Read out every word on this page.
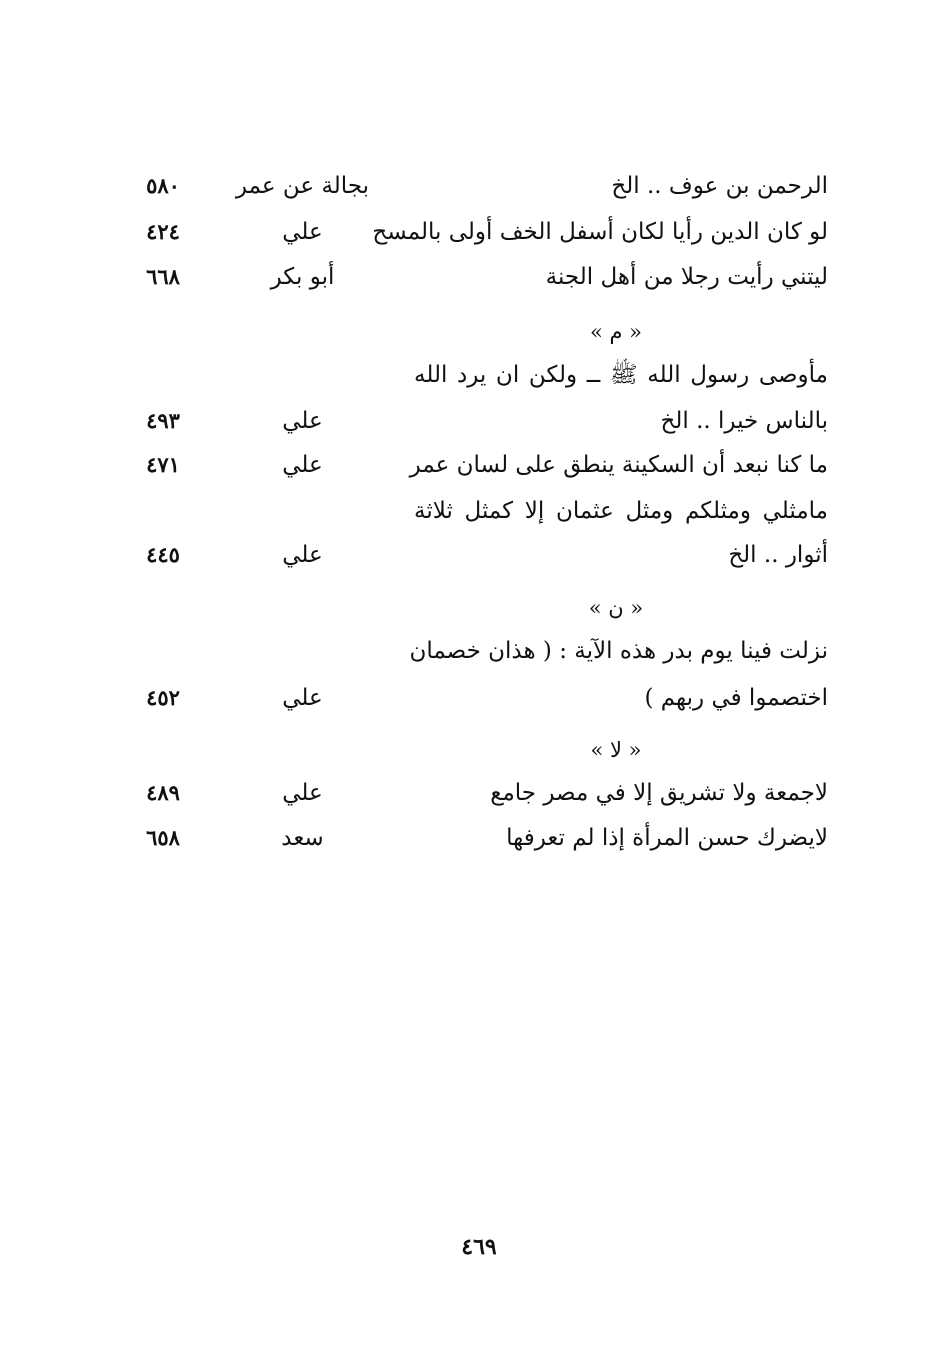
الرحمن بن عوف .. الخ
بجالة عن عمر
٥٨٠
لو كان الدين رأيا لكان أسفل الخف أولى بالمسح
علي
٤٢٤
ليتني رأيت رجلا من أهل الجنة
أبو بكر
٦٦٨
« م »
مأوصى رسول الله ﷺ ــ ولكن ان يرد الله
بالناس خيرا .. الخ
علي
٤٩٣
ما كنا نبعد أن السكينة ينطق على لسان عمر
علي
٤٧١
مامثلي ومثلكم ومثل عثمان إلا كمثل ثلاثة
أثوار .. الخ
علي
٤٤٥
« ن »
نزلت فينا يوم بدر هذه الآية : ( هذان خصمان
اختصموا في ربهم )
علي
٤٥٢
« لا »
لاجمعة ولا تشريق إلا في مصر جامع
علي
٤٨٩
لايضرك حسن المرأة إذا لم تعرفها
سعد
٦٥٨
٤٦٩
